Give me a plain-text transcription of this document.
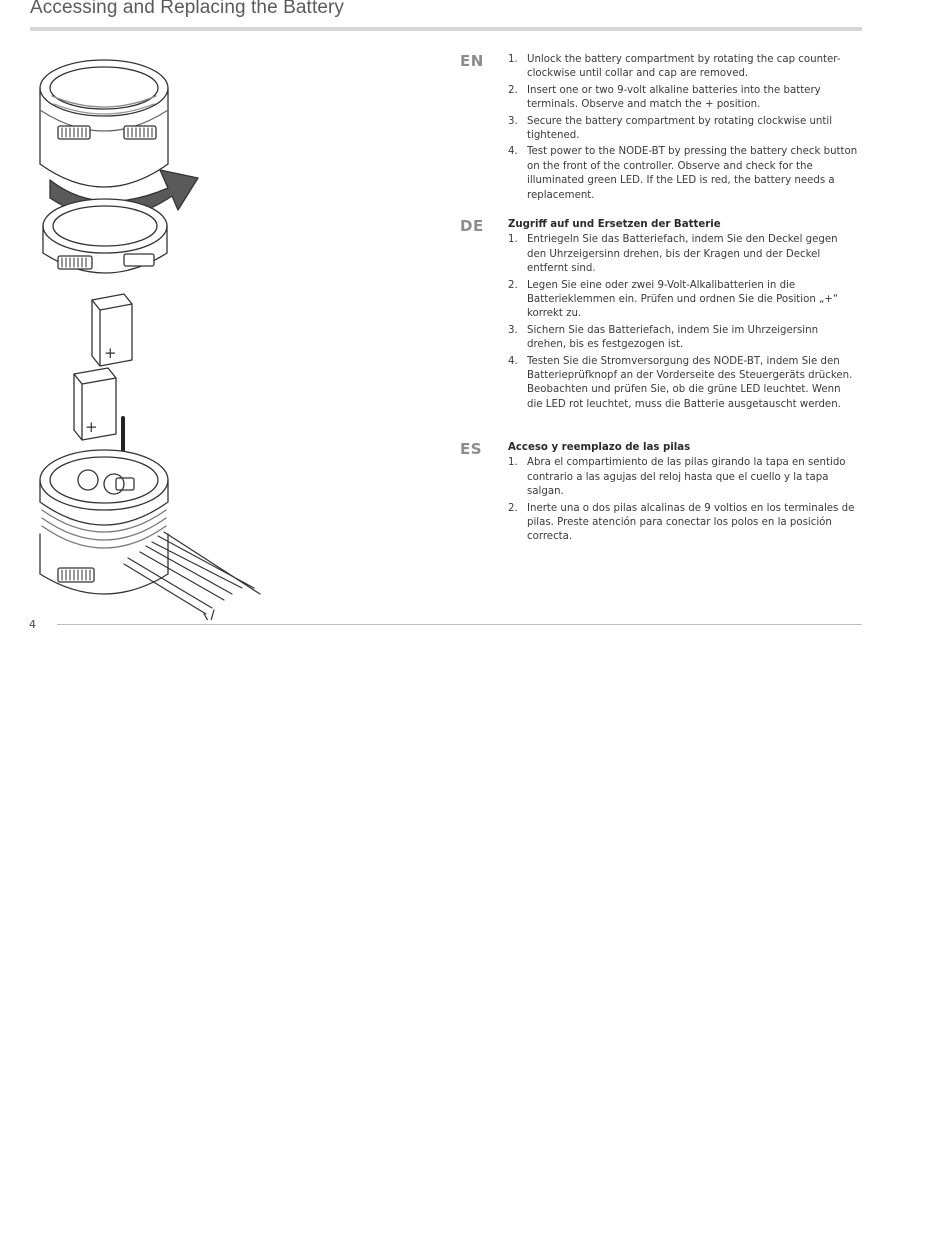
Accessing and Replacing the Battery
+
+
EN 1. Unlock the battery compartment by rotating the cap counter-clockwise until collar and cap are removed.
2. Insert one or two 9-volt alkaline batteries into the battery terminals. Observe and match the + position.
3. Secure the battery compartment by rotating clockwise until tightened.
4. Test power to the NODE-BT by pressing the battery check button on the front of the controller. Observe and check for the illuminated green LED. If the LED is red, the battery needs a replacement.
DE Zugriff auf und Ersetzen der Batterie
1. Entriegeln Sie das Batteriefach, indem Sie den Deckel gegen den Uhrzeigersinn drehen, bis der Kragen und der Deckel entfernt sind.
2. Legen Sie eine oder zwei 9-Volt-Alkalibatterien in die Batterieklemmen ein. Prüfen und ordnen Sie die Position „+“ korrekt zu.
3. Sichern Sie das Batteriefach, indem Sie im Uhrzeigersinn drehen, bis es festgezogen ist.
4. Testen Sie die Stromversorgung des NODE-BT, indem Sie den Batterieprüfknopf an der Vorderseite des Steuergeräts drücken. Beobachten und prüfen Sie, ob die grüne LED leuchtet. Wenn die LED rot leuchtet, muss die Batterie ausgetauscht werden.
ES	Acceso y reemplazo de las pilas
1. Abra el compartimiento de las pilas girando la tapa en sentido contrario a las agujas del reloj hasta que el cuello y la tapa salgan.
2. Inerte una o dos pilas alcalinas de 9 voltios en los terminales de pilas. Preste atención para conectar los polos en la posición correcta.
4
